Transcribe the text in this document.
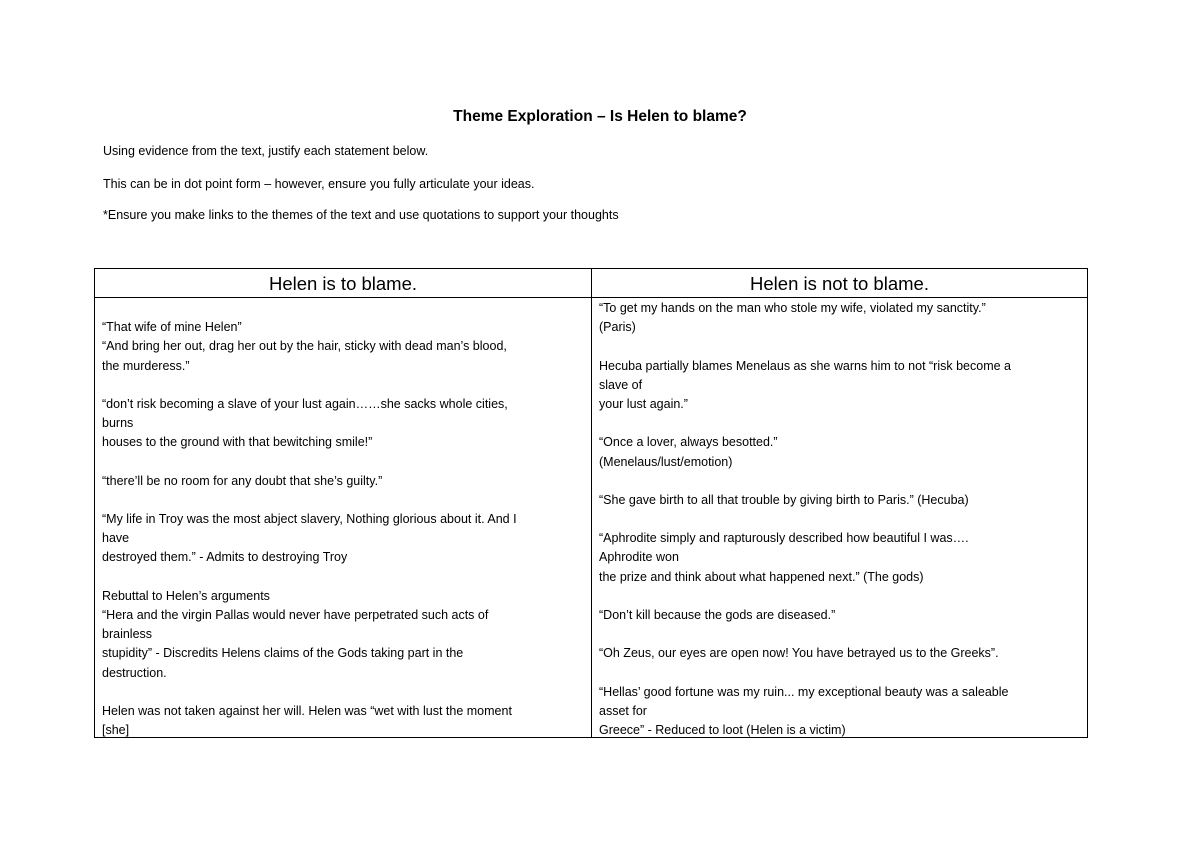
Theme Exploration – Is Helen to blame?
Using evidence from the text, justify each statement below.
This can be in dot point form – however, ensure you fully articulate your ideas.
*Ensure you make links to the themes of the text and use quotations to support your thoughts
Helen is to blame.	Helen is not to blame.
“That wife of mine Helen”
“And bring her out, drag her out by the hair, sticky with dead man’s blood,
the murderess.”
“don’t risk becoming a slave of your lust again……she sacks whole cities,
burns
houses to the ground with that bewitching smile!”
“there’ll be no room for any doubt that she’s guilty.”
“My life in Troy was the most abject slavery, Nothing glorious about it. And I
have
destroyed them.” - Admits to destroying Troy
Rebuttal to Helen’s arguments
“Hera and the virgin Pallas would never have perpetrated such acts of
brainless
stupidity” - Discredits Helens claims of the Gods taking part in the
destruction.
Helen was not taken against her will. Helen was “wet with lust the moment
[she]
“To get my hands on the man who stole my wife, violated my sanctity.”
(Paris)
Hecuba partially blames Menelaus as she warns him to not “risk become a
slave of
your lust again.”
“Once a lover, always besotted.”
(Menelaus/lust/emotion)
“She gave birth to all that trouble by giving birth to Paris.” (Hecuba)
“Aphrodite simply and rapturously described how beautiful I was….
Aphrodite won
the prize and think about what happened next.” (The gods)
“Don’t kill because the gods are diseased.”
“Oh Zeus, our eyes are open now! You have betrayed us to the Greeks”.
“Hellas’ good fortune was my ruin... my exceptional beauty was a saleable
asset for
Greece” - Reduced to loot (Helen is a victim)
